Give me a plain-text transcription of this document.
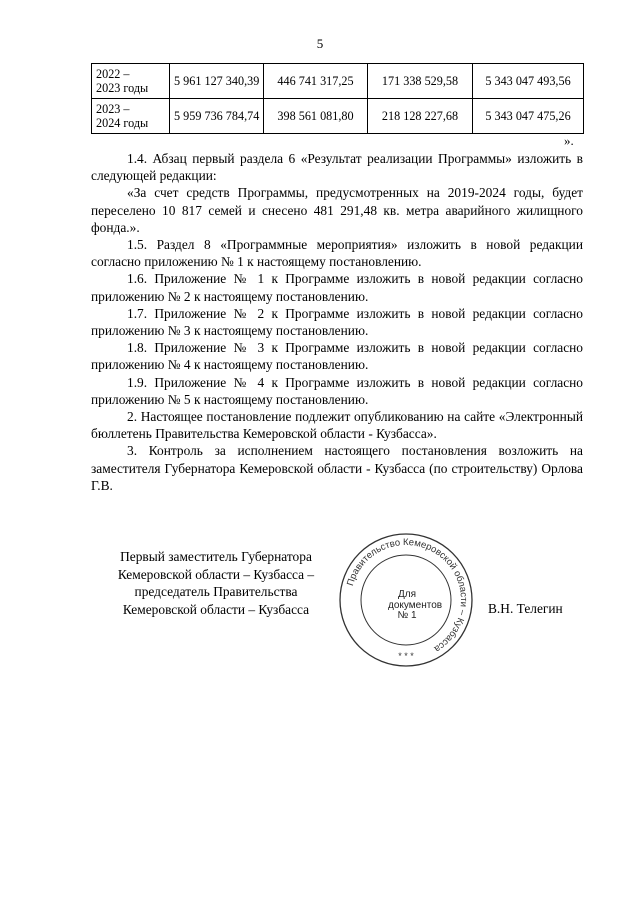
5
2022 –
2023 годы	5 961 127 340,39	446 741 317,25	171 338 529,58	5 343 047 493,56

2023 –
2024 годы	5 959 736 784,74	398 561 081,80	218 128 227,68	5 343 047 475,26
».

1.4. Абзац первый раздела 6 «Результат реализации Программы» изложить в следующей редакции:

«За счет средств Программы, предусмотренных на 2019-2024 годы, будет переселено 10 817 семей и снесено 481 291,48 кв. метра аварийного жилищного фонда.».

1.5. Раздел 8 «Программные мероприятия» изложить в новой редакции согласно приложению № 1 к настоящему постановлению.

1.6. Приложение № 1 к Программе изложить в новой редакции согласно приложению № 2 к настоящему постановлению.

1.7. Приложение № 2 к Программе изложить в новой редакции согласно приложению № 3 к настоящему постановлению.

1.8. Приложение № 3 к Программе изложить в новой редакции согласно приложению № 4 к настоящему постановлению.

1.9. Приложение № 4 к Программе изложить в новой редакции согласно приложению № 5 к настоящему постановлению.

2. Настоящее постановление подлежит опубликованию на сайте «Электронный бюллетень Правительства Кемеровской области - Кузбасса».

3. Контроль за исполнением настоящего постановления возложить на заместителя Губернатора Кемеровской области - Кузбасса (по строительству) Орлова Г.В.

Первый заместитель Губернатора
Кемеровской области – Кузбасса –
председатель Правительства
Кемеровской области – Кузбасса
Правительство Кемеровской области – Кузбасса
* * *
Для
документов
№ 1	В.Н. Телегин
